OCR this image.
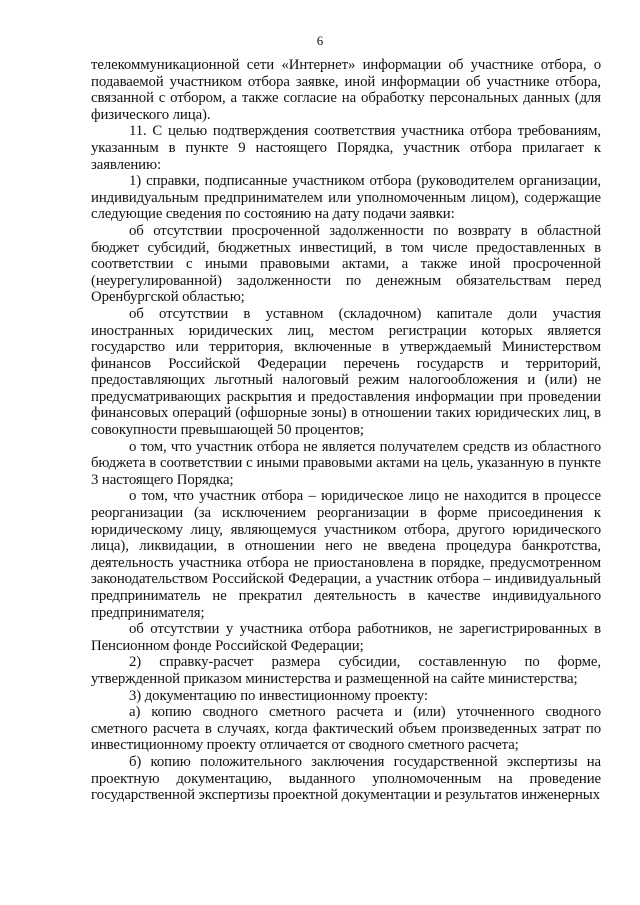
6

телекоммуникационной сети «Интернет» информации об участнике отбора, о подаваемой участником отбора заявке, иной информации об участнике отбора, связанной с отбором, а также согласие на обработку персональных данных (для физического лица).

11. С целью подтверждения соответствия участника отбора требованиям, указанным в пункте 9 настоящего Порядка, участник отбора прилагает к заявлению:

1) справки, подписанные участником отбора (руководителем организации, индивидуальным предпринимателем или уполномоченным лицом), содержащие следующие сведения по состоянию на дату подачи заявки:

об отсутствии просроченной задолженности по возврату в областной бюджет субсидий, бюджетных инвестиций, в том числе предоставленных в соответствии с иными правовыми актами, а также иной просроченной (неурегулированной) задолженности по денежным обязательствам перед Оренбургской областью;

об отсутствии в уставном (складочном) капитале доли участия иностранных юридических лиц, местом регистрации которых является государство или территория, включенные в утверждаемый Министерством финансов Российской Федерации перечень государств и территорий, предоставляющих льготный налоговый режим налогообложения и (или) не предусматривающих раскрытия и предоставления информации при проведении финансовых операций (офшорные зоны) в отношении таких юридических лиц, в совокупности превышающей 50 процентов;

о том, что участник отбора не является получателем средств из областного бюджета в соответствии с иными правовыми актами на цель, указанную в пункте 3 настоящего Порядка;

о том, что участник отбора – юридическое лицо не находится в процессе реорганизации (за исключением реорганизации в форме присоединения к юридическому лицу, являющемуся участником отбора, другого юридического лица), ликвидации, в отношении него не введена процедура банкротства, деятельность участника отбора не приостановлена в порядке, предусмотренном законодательством Российской Федерации, а участник отбора – индивидуальный предприниматель не прекратил деятельность в качестве индивидуального предпринимателя;

об отсутствии у участника отбора работников, не зарегистрированных в Пенсионном фонде Российской Федерации;

2) справку-расчет размера субсидии, составленную по форме, утвержденной приказом министерства и размещенной на сайте министерства;

3) документацию по инвестиционному проекту:

а) копию сводного сметного расчета и (или) уточненного сводного сметного расчета в случаях, когда фактический объем произведенных затрат по инвестиционному проекту отличается от сводного сметного расчета;

б) копию положительного заключения государственной экспертизы на проектную документацию, выданного уполномоченным на проведение государственной экспертизы проектной документации и результатов инженерных
